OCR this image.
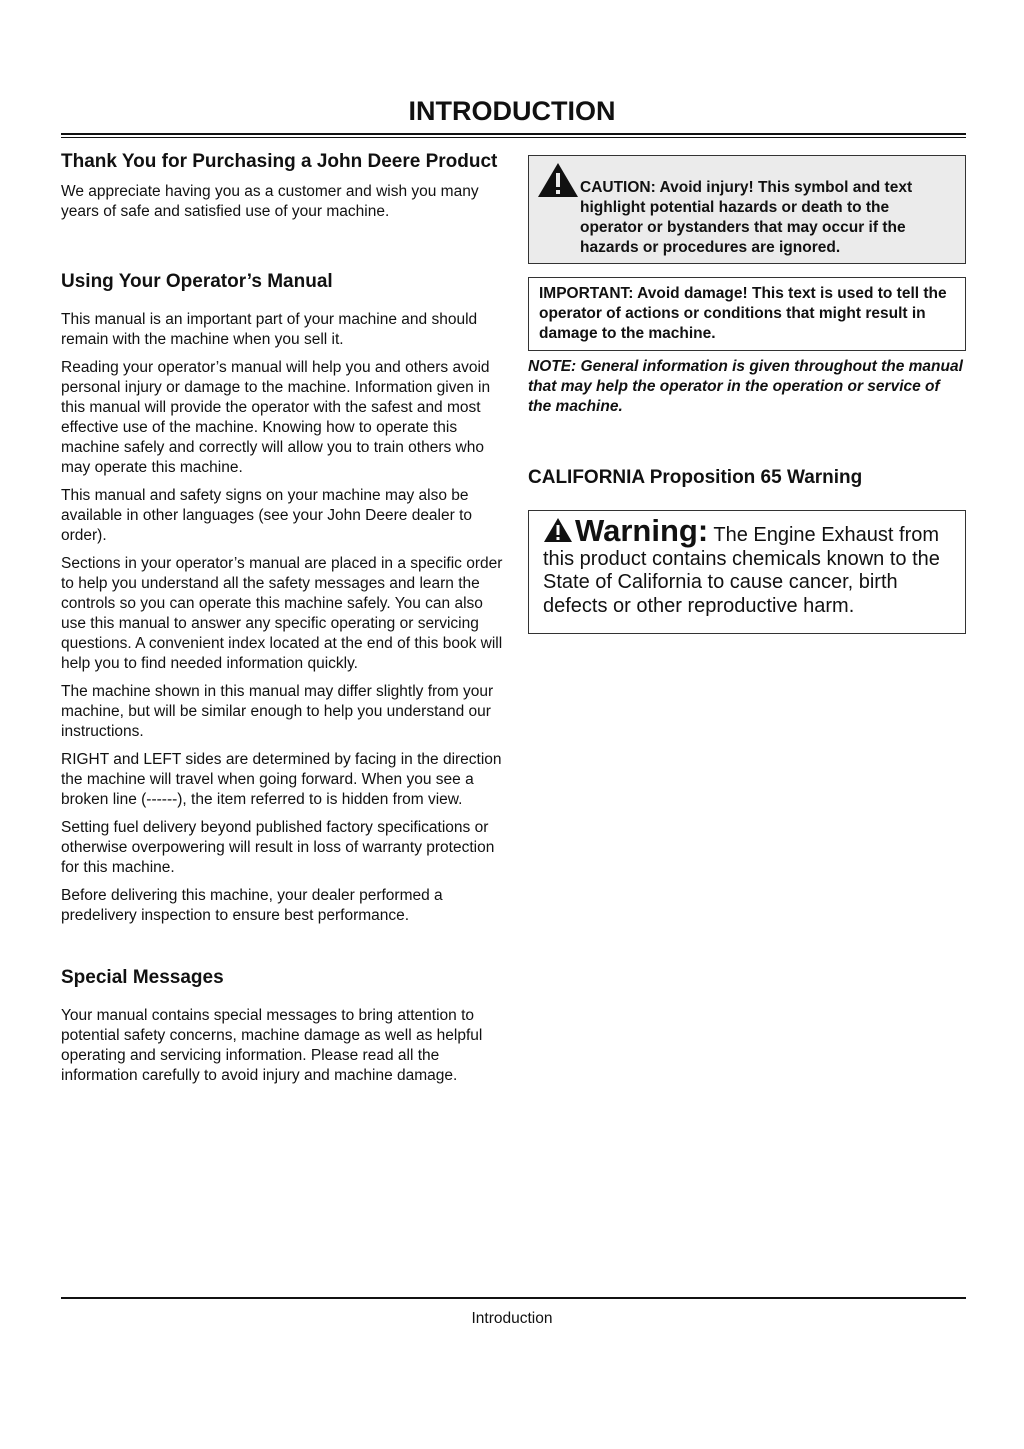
INTRODUCTION
Thank You for Purchasing a John Deere Product

We appreciate having you as a customer and wish you many years of safe and satisfied use of your machine.

Using Your Operator’s Manual

This manual is an important part of your machine and should remain with the machine when you sell it.

Reading your operator’s manual will help you and others avoid personal injury or damage to the machine. Information given in this manual will provide the operator with the safest and most effective use of the machine. Knowing how to operate this machine safely and correctly will allow you to train others who may operate this machine.

This manual and safety signs on your machine may also be available in other languages (see your John Deere dealer to order).

Sections in your operator’s manual are placed in a specific order to help you understand all the safety messages and learn the controls so you can operate this machine safely. You can also use this manual to answer any specific operating or servicing questions. A convenient index located at the end of this book will help you to find needed information quickly.

The machine shown in this manual may differ slightly from your machine, but will be similar enough to help you understand our instructions.

RIGHT and LEFT sides are determined by facing in the direction the machine will travel when going forward. When you see a broken line (------), the item referred to is hidden from view.

Setting fuel delivery beyond published factory specifications or otherwise overpowering will result in loss of warranty protection for this machine.

Before delivering this machine, your dealer performed a predelivery inspection to ensure best performance.

Special Messages

Your manual contains special messages to bring attention to potential safety concerns, machine damage as well as helpful operating and servicing information. Please read all the information carefully to avoid injury and machine damage.

CAUTION: Avoid injury! This symbol and text highlight potential hazards or death to the operator or bystanders that may occur if the hazards or procedures are ignored.
IMPORTANT: Avoid damage! This text is used to tell the operator of actions or conditions that might result in damage to the machine.
NOTE: General information is given throughout the manual that may help the operator in the operation or service of the machine.
CALIFORNIA Proposition 65 Warning
Warning: The Engine Exhaust from this product contains chemicals known to the State of California to cause cancer, birth defects or other reproductive harm.
Introduction
